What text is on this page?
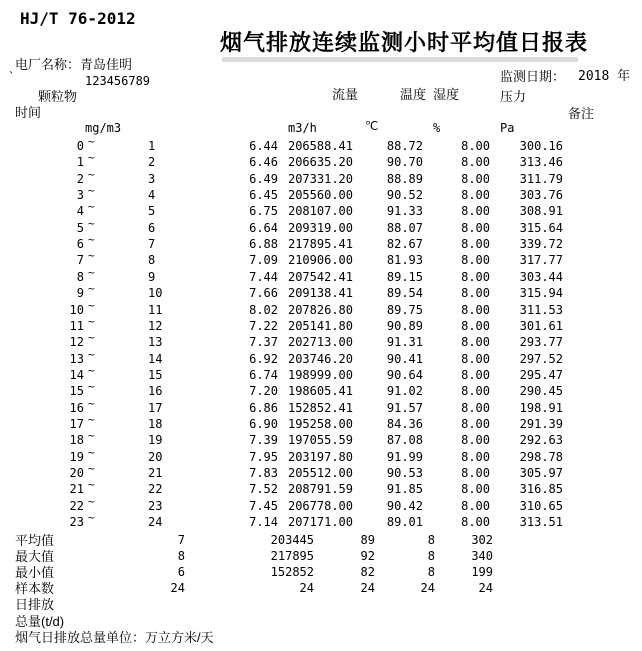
HJ/T 76-2012
烟气排放连续监测小时平均值日报表
电厂名称：青岛佳明
`	123456789	监测日期： 2018 年
颗粒物	流量	温度 湿度	压力
时间	备注
mg/m3	m3/h	℃	%	Pa
0 ~	1	6.44 206588.41	88.72	8.00	300.16
1 ~	2	6.46 206635.20	90.70	8.00	313.46
2 ~	3	6.49 207331.20	88.89	8.00	311.79
3 ~	4	6.45 205560.00	90.52	8.00	303.76
4 ~	5	6.75 208107.00	91.33	8.00	308.91
5 ~	6	6.64 209319.00	88.07	8.00	315.64
6 ~	7	6.88 217895.41	82.67	8.00	339.72
7 ~	8	7.09 210906.00	81.93	8.00	317.77
8 ~	9	7.44 207542.41	89.15	8.00	303.44
9 ~	10	7.66 209138.41	89.54	8.00	315.94
10 ~	11	8.02 207826.80	89.75	8.00	311.53
11 ~	12	7.22 205141.80	90.89	8.00	301.61
12 ~	13	7.37 202713.00	91.31	8.00	293.77
13 ~	14	6.92 203746.20	90.41	8.00	297.52
14 ~	15	6.74 198999.00	90.64	8.00	295.47
15 ~	16	7.20 198605.41	91.02	8.00	290.45
16 ~	17	6.86 152852.41	91.57	8.00	198.91
17 ~	18	6.90 195258.00	84.36	8.00	291.39
18 ~	19	7.39 197055.59	87.08	8.00	292.63
19 ~	20	7.95 203197.80	91.99	8.00	298.78
20 ~	21	7.83 205512.00	90.53	8.00	305.97
21 ~	22	7.52 208791.59	91.85	8.00	316.85
22 ~	23	7.45 206778.00	90.42	8.00	310.65
23 ~	24	7.14 207171.00	89.01	8.00	313.51
平均值	7	203445	89	8	302
最大值	8	217895	92	8	340
最小值	6	152852	82	8	199
样本数	24	24	24	24	24
日排放
总量(t/d)
烟气日排放总量单位：万立方米/天
